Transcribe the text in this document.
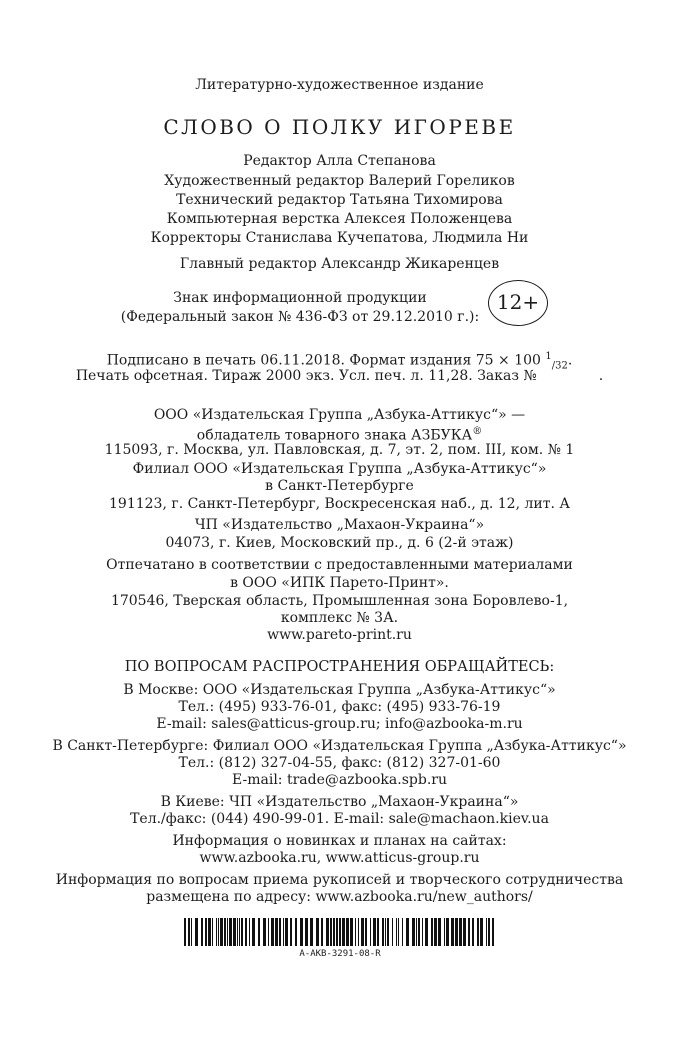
Литературно-художественное издание
СЛОВО О ПОЛКУ ИГОРЕВЕ
Редактор Алла Степанова
Художественный редактор Валерий Гореликов
Технический редактор Татьяна Тихомирова
Компьютерная верстка Алексея Положенцева
Корректоры Станислава Кучепатова, Людмила Ни
Главный редактор Александр Жикаренцев
Знак информационной продукции
(Федеральный закон № 436-ФЗ от 29.12.2010 г.):
12+
Подписано в печать 06.11.2018. Формат издания 75 × 100 $^1_{/32}$.
Печать офсетная. Тираж 2000 экз. Усл. печ. л. 11,28. Заказ №	.
ООО «Издательская Группа „Азбука-Аттикус“» —
обладатель товарного знака АЗБУКА®
115093, г. Москва, ул. Павловская, д. 7, эт. 2, пом. III, ком. № 1
Филиал ООО «Издательская Группа „Азбука-Аттикус“»
в Санкт-Петербурге
191123, г. Санкт-Петербург, Воскресенская наб., д. 12, лит. А
ЧП «Издательство „Махаон-Украина“»
04073, г. Киев, Московский пр., д. 6 (2-й этаж)
Отпечатано в соответствии с предоставленными материалами
в ООО «ИПК Парето-Принт».
170546, Тверская область, Промышленная зона Боровлево-1,
комплекс № 3А.
www.pareto-print.ru
ПО ВОПРОСАМ РАСПРОСТРАНЕНИЯ ОБРАЩАЙТЕСЬ:
В Москве: ООО «Издательская Группа „Азбука-Аттикус“»
Тел.: (495) 933-76-01, факс: (495) 933-76-19
E-mail: sales@atticus-group.ru; info@azbooka-m.ru
В Санкт-Петербурге: Филиал ООО «Издательская Группа „Азбука-Аттикус“»
Тел.: (812) 327-04-55, факс: (812) 327-01-60
E-mail: trade@azbooka.spb.ru
В Киеве: ЧП «Издательство „Махаон-Украина“»
Тел./факс: (044) 490-99-01. E-mail: sale@machaon.kiev.ua
Информация о новинках и планах на сайтах:
www.azbooka.ru, www.atticus-group.ru
Информация по вопросам приема рукописей и творческого сотрудничества
размещена по адресу: www.azbooka.ru/new_authors/
A-AKB-3291-08-R
